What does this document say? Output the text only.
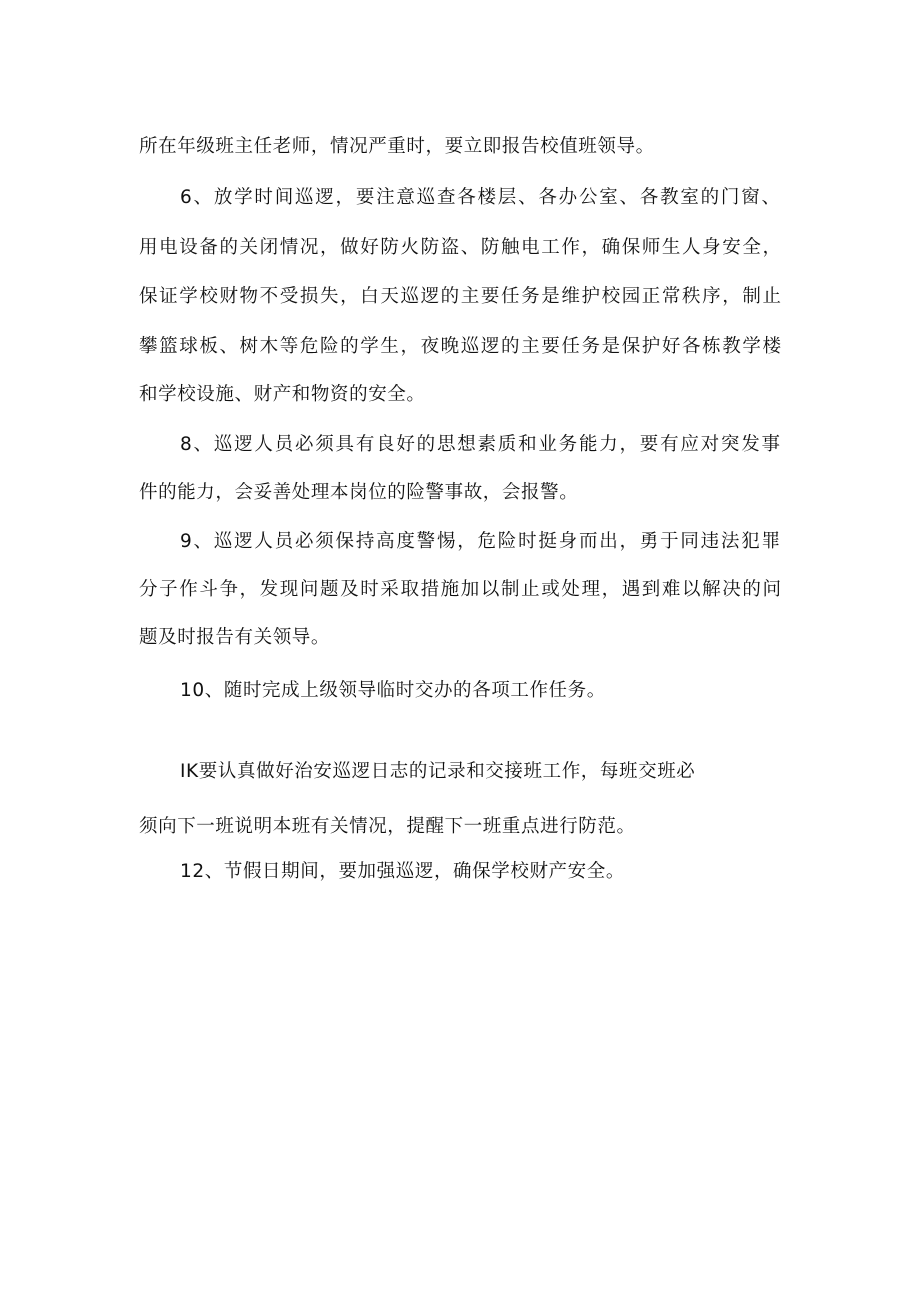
所在年级班主任老师，情况严重时，要立即报告校值班领导。

6、放学时间巡逻，要注意巡查各楼层、各办公室、各教室的门窗、

用电设备的关闭情况，做好防火防盗、防触电工作，确保师生人身安全，

保证学校财物不受损失，白天巡逻的主要任务是维护校园正常秩序，制止

攀篮球板、树木等危险的学生，夜晚巡逻的主要任务是保护好各栋教学楼

和学校设施、财产和物资的安全。

8、巡逻人员必须具有良好的思想素质和业务能力，要有应对突发事

件的能力，会妥善处理本岗位的险警事故，会报警。

9、巡逻人员必须保持高度警惕，危险时挺身而出，勇于同违法犯罪

分子作斗争，发现问题及时采取措施加以制止或处理，遇到难以解决的问

题及时报告有关领导。

10、随时完成上级领导临时交办的各项工作任务。

IK要认真做好治安巡逻日志的记录和交接班工作，每班交班必

须向下一班说明本班有关情况，提醒下一班重点进行防范。

12、节假日期间，要加强巡逻，确保学校财产安全。
